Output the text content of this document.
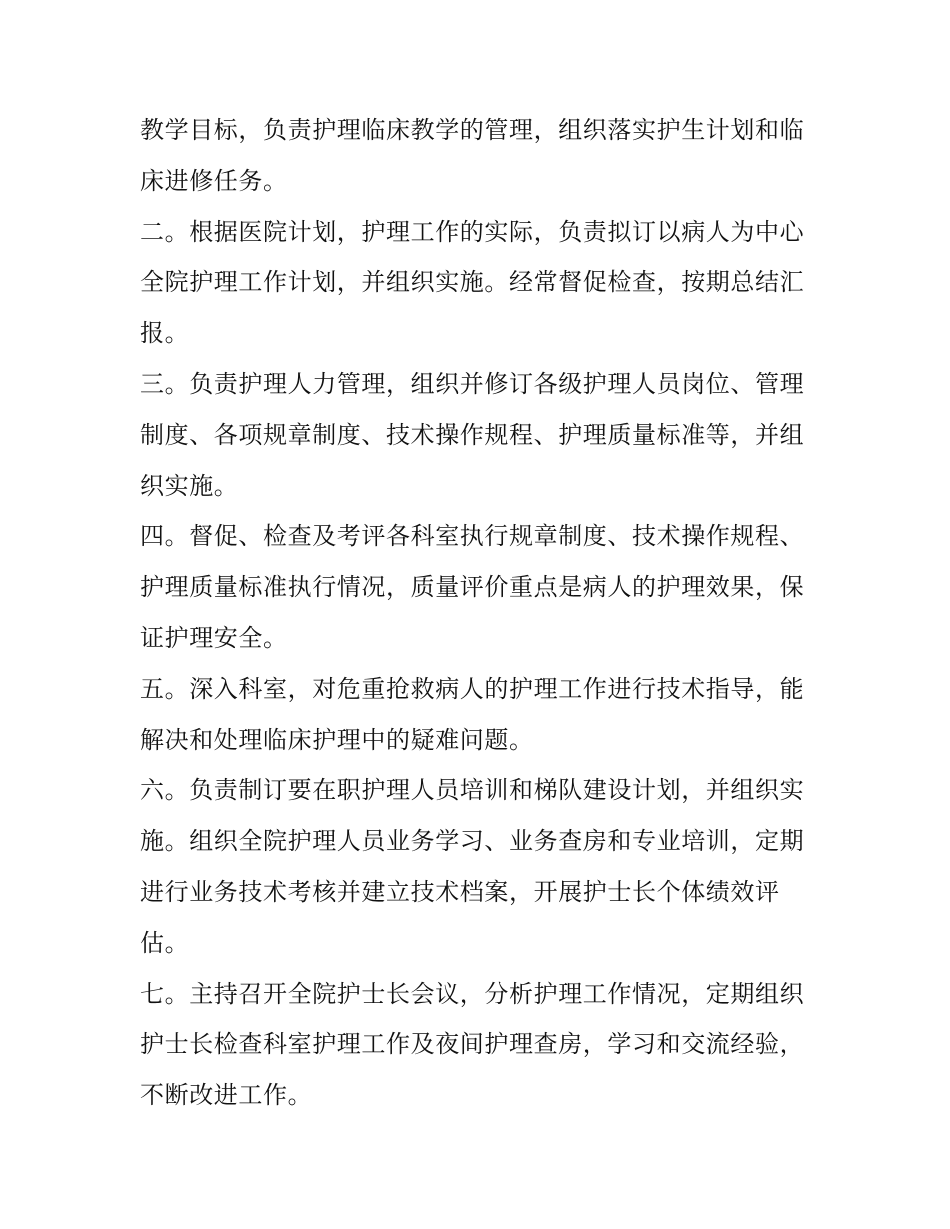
教学目标，负责护理临床教学的管理，组织落实护生计划和临
床进修任务。
二。根据医院计划，护理工作的实际，负责拟订以病人为中心
全院护理工作计划，并组织实施。经常督促检查，按期总结汇
报。
三。负责护理人力管理，组织并修订各级护理人员岗位、管理
制度、各项规章制度、技术操作规程、护理质量标准等，并组
织实施。
四。督促、检查及考评各科室执行规章制度、技术操作规程、
护理质量标准执行情况，质量评价重点是病人的护理效果，保
证护理安全。
五。深入科室，对危重抢救病人的护理工作进行技术指导，能
解决和处理临床护理中的疑难问题。
六。负责制订要在职护理人员培训和梯队建设计划，并组织实
施。组织全院护理人员业务学习、业务查房和专业培训，定期
进行业务技术考核并建立技术档案，开展护士长个体绩效评
估。
七。主持召开全院护士长会议，分析护理工作情况，定期组织
护士长检查科室护理工作及夜间护理查房，学习和交流经验，
不断改进工作。
